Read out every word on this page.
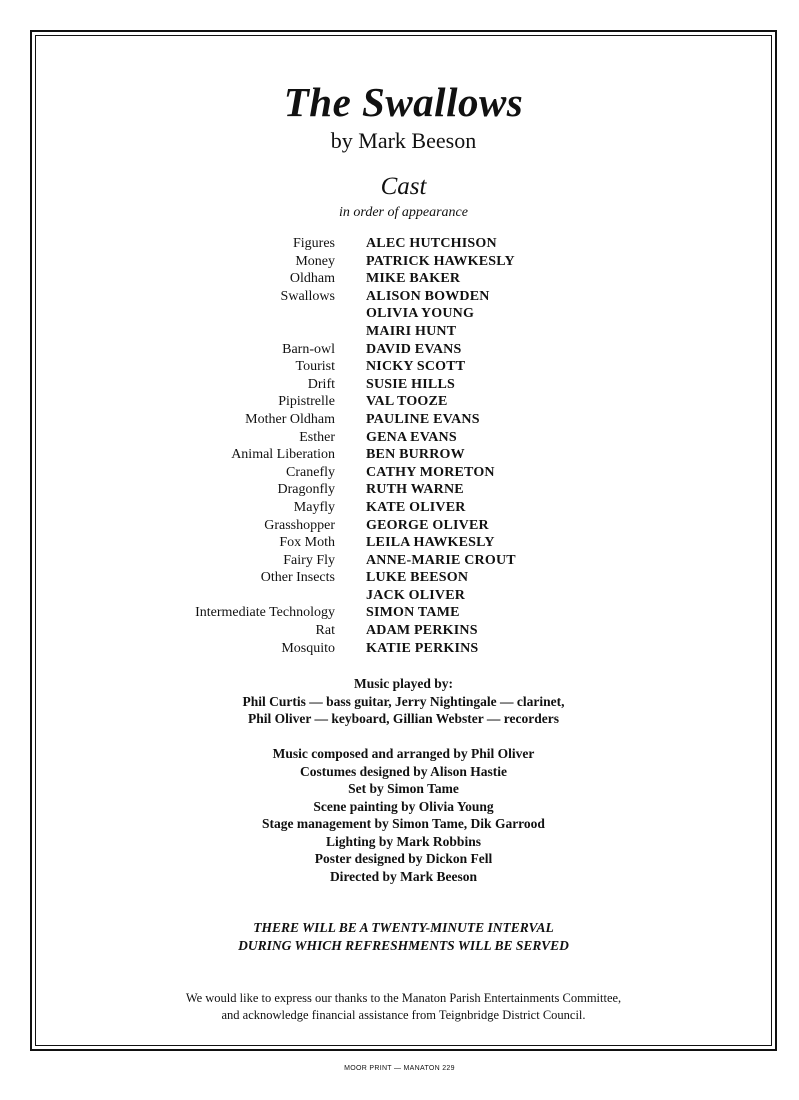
The Swallows
by Mark Beeson
Cast
in order of appearance
Figures ALEC HUTCHISON
Money PATRICK HAWKESLY
Oldham MIKE BAKER
Swallows ALISON BOWDEN
OLIVIA YOUNG
MAIRI HUNT
Barn-owl DAVID EVANS
Tourist NICKY SCOTT
Drift SUSIE HILLS
Pipistrelle VAL TOOZE
Mother Oldham PAULINE EVANS
Esther GENA EVANS
Animal Liberation BEN BURROW
Cranefly CATHY MORETON
Dragonfly RUTH WARNE
Mayfly KATE OLIVER
Grasshopper GEORGE OLIVER
Fox Moth LEILA HAWKESLY
Fairy Fly ANNE-MARIE CROUT
Other Insects LUKE BEESON
JACK OLIVER
Intermediate Technology SIMON TAME
Rat ADAM PERKINS
Mosquito KATIE PERKINS
Music played by:
Phil Curtis — bass guitar, Jerry Nightingale — clarinet,
Phil Oliver — keyboard, Gillian Webster — recorders
Music composed and arranged by Phil Oliver
Costumes designed by Alison Hastie
Set by Simon Tame
Scene painting by Olivia Young
Stage management by Simon Tame, Dik Garrood
Lighting by Mark Robbins
Poster designed by Dickon Fell
Directed by Mark Beeson
THERE WILL BE A TWENTY-MINUTE INTERVAL
DURING WHICH REFRESHMENTS WILL BE SERVED
We would like to express our thanks to the Manaton Parish Entertainments Committee,
and acknowledge financial assistance from Teignbridge District Council.
MOOR PRINT — MANATON 229
